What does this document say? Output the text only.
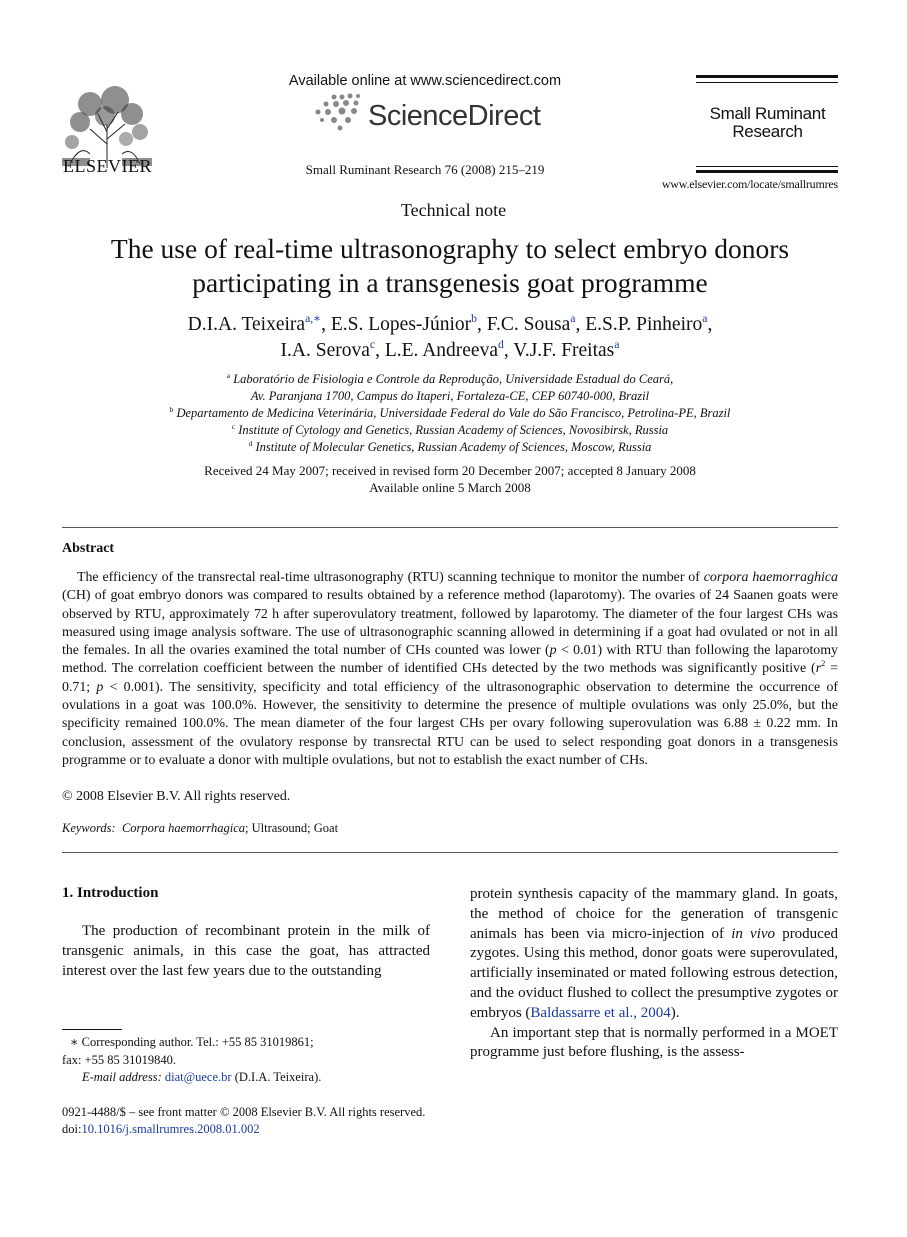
ELSEVIER
Available online at www.sciencedirect.com
ScienceDirect
Small Ruminant Research 76 (2008) 215–219
Small Ruminant
Research
www.elsevier.com/locate/smallrumres
Technical note
The use of real-time ultrasonography to select embryo donors participating in a transgenesis goat programme
D.I.A. Teixeira$^{a,∗}$, E.S. Lopes-Júnior$^b$, F.C. Sousa$^a$, E.S.P. Pinheiro$^a$,
I.A. Serova$^c$, L.E. Andreeva$^d$, V.J.F. Freitas$^a$
$^a$ Laboratório de Fisiologia e Controle da Reprodução, Universidade Estadual do Ceará,
Av. Paranjana 1700, Campus do Itaperi, Fortaleza-CE, CEP 60740-000, Brazil
$^b$ Departamento de Medicina Veterinária, Universidade Federal do Vale do São Francisco, Petrolina-PE, Brazil
$^c$ Institute of Cytology and Genetics, Russian Academy of Sciences, Novosibirsk, Russia
$^d$ Institute of Molecular Genetics, Russian Academy of Sciences, Moscow, Russia
Received 24 May 2007; received in revised form 20 December 2007; accepted 8 January 2008
Available online 5 March 2008
Abstract
The efficiency of the transrectal real-time ultrasonography (RTU) scanning technique to monitor the number of corpora haemorraghica (CH) of goat embryo donors was compared to results obtained by a reference method (laparotomy). The ovaries of 24 Saanen goats were observed by RTU, approximately 72 h after superovulatory treatment, followed by laparotomy. The diameter of the four largest CHs was measured using image analysis software. The use of ultrasonographic scanning allowed in determining if a goat had ovulated or not in all the females. In all the ovaries examined the total number of CHs counted was lower (p < 0.01) with RTU than following the laparotomy method. The correlation coefficient between the number of identified CHs detected by the two methods was significantly positive ($r^2 = 0.71$; p < 0.001). The sensitivity, specificity and total efficiency of the ultrasonographic observation to determine the occurrence of ovulations in a goat was 100.0%. However, the sensitivity to determine the presence of multiple ovulations was only 25.0%, but the specificity remained 100.0%. The mean diameter of the four largest CHs per ovary following superovulation was 6.88 ± 0.22 mm. In conclusion, assessment of the ovulatory response by transrectal RTU can be used to select responding goat donors in a transgenesis programme or to evaluate a donor with multiple ovulations, but not to establish the exact number of CHs.
© 2008 Elsevier B.V. All rights reserved.
Keywords: Corpora haemorrhagica; Ultrasound; Goat
1. Introduction
The production of recombinant protein in the milk of transgenic animals, in this case the goat, has attracted interest over the last few years due to the outstanding

protein synthesis capacity of the mammary gland. In goats, the method of choice for the generation of transgenic animals has been via micro-injection of in vivo produced zygotes. Using this method, donor goats were superovulated, artificially inseminated or mated following estrous detection, and the oviduct flushed to collect the presumptive zygotes or embryos (Baldassarre et al., 2004).

An important step that is normally performed in a MOET programme just before flushing, is the assess-

∗ Corresponding author. Tel.: +55 85 31019861;
fax: +55 85 31019840.
E-mail address: diat@uece.br (D.I.A. Teixeira).
0921-4488/$ – see front matter © 2008 Elsevier B.V. All rights reserved.
doi:10.1016/j.smallrumres.2008.01.002
